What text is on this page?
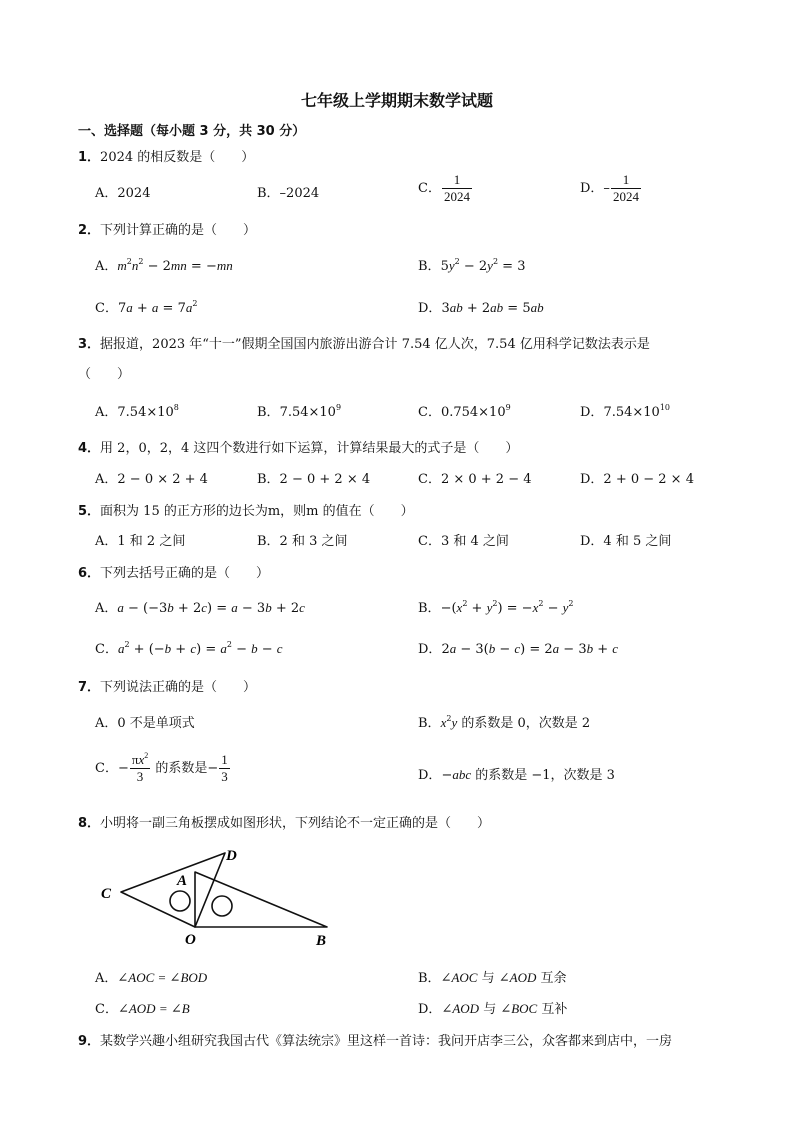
七年级上学期期末数学试题
一、选择题（每小题 3 分，共 30 分）
1．2024 的相反数是（　　）
A．2024	B．–2024	C． $\frac{1}{2024}$	D．– $\frac{1}{2024}$
2．下列计算正确的是（　　）
A．$m^2n^2 - 2mn = -mn$	B．$5y^2 - 2y^2 = 3$
C．$7a + a = 7a^2$	D．3ab + 2ab = 5ab
3．据报道，2023 年“十一”假期全国国内旅游出游合计 7.54 亿人次，7.54 亿用科学记数法表示是
（　　）
A．$7.54\times 10^8$	B．$7.54\times 10^9$	C．$0.754\times 10^9$	D．$7.54\times 10^{10}$
4．用 2，0，2，4 这四个数进行如下运算，计算结果最大的式子是（　　）
A．2 − 0 × 2 + 4	B．2 − 0 + 2 × 4	C．2 × 0 + 2 − 4	D．2 + 0 − 2 × 4
5．面积为 15 的正方形的边长为m，则m 的值在（　　）
A．1 和 2 之间	B．2 和 3 之间	C．3 和 4 之间	D．4 和 5 之间
6．下列去括号正确的是（　　）
A．a − (−3b + 2c) = a − 3b + 2c	B．$-(x^2 + y^2) = -x^2 - y^2$
C．$a^2 + (-b + c) = a^2 - b - c$	D．2a − 3(b − c) = 2a − 3b + c
7．下列说法正确的是（　　）
A．0 不是单项式	B．$x^2y$ 的系数是 0，次数是 2
C．− $\frac{\pi x^2}{3}$ 的系数是− $\frac{1}{3}$	D．−abc 的系数是 −1，次数是 3
8．小明将一副三角板摆成如图形状，下列结论不一定正确的是（　　）
C
D
A
O	B
A．∠AOC = ∠BOD	B．∠AOC 与 ∠AOD 互余
C．∠AOD = ∠B	D．∠AOD 与 ∠BOC 互补
9．某数学兴趣小组研究我国古代《算法统宗》里这样一首诗：我问开店李三公，众客都来到店中，一房
